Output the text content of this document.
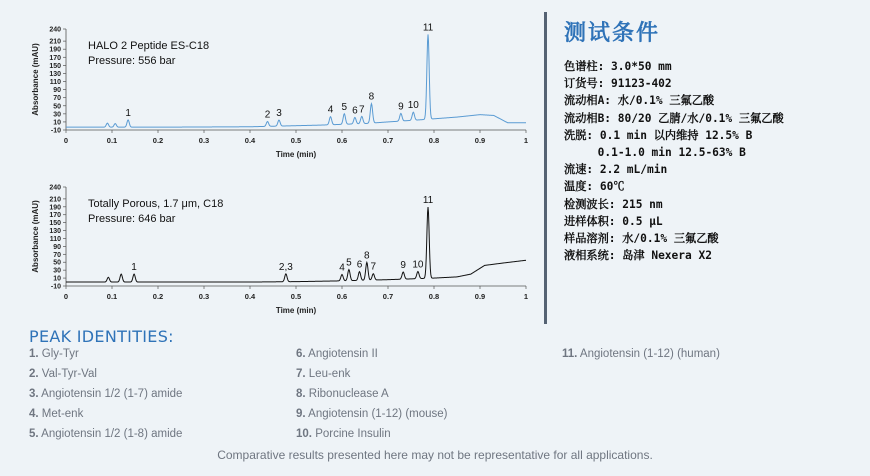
-10
10
30
50
70
90
110
130
150
170
190
210
240
0	0.1	0.2	0.3	0.4	0.5	0.6	0.7	0.8	0.9	1
Time (min)
Absorbance (mAU)	HALO 2 Peptide ES-C18
Pressure: 556 bar
1	2 3	4 5 6 7
8
9 10
11
-10
10
30
50
70
90
110
130
150
170
190
210
240
0	0.1	0.2	0.3	0.4	0.5	0.6	0.7	0.8	0.9	1
Time (min)
Absorbance (mAU)	Totally Porous, 1.7 μm, C18
Pressure: 646 bar
1	2,3	4 5 6
8
7 9 10
11
测试条件
色谱柱: 3.0*50 mm
订货号: 91123-402
流动相A: 水/0.1% 三氟乙酸
流动相B: 80/20 乙腈/水/0.1% 三氟乙酸
洗脱: 0.1 min 以内维持 12.5% B
0.1-1.0 min 12.5-63% B
流速: 2.2 mL/min
温度: 60℃
检测波长: 215 nm
进样体积: 0.5 μL
样品溶剂: 水/0.1% 三氟乙酸
液相系统: 岛津 Nexera X2
PEAK IDENTITIES:
1. Gly-Tyr
2. Val-Tyr-Val
3. Angiotensin 1/2 (1-7) amide
4. Met-enk
5. Angiotensin 1/2 (1-8) amide
6. Angiotensin II
7. Leu-enk
8. Ribonuclease A
9. Angiotensin (1-12) (mouse)
10. Porcine Insulin
11. Angiotensin (1-12) (human)
Comparative results presented here may not be representative for all applications.
